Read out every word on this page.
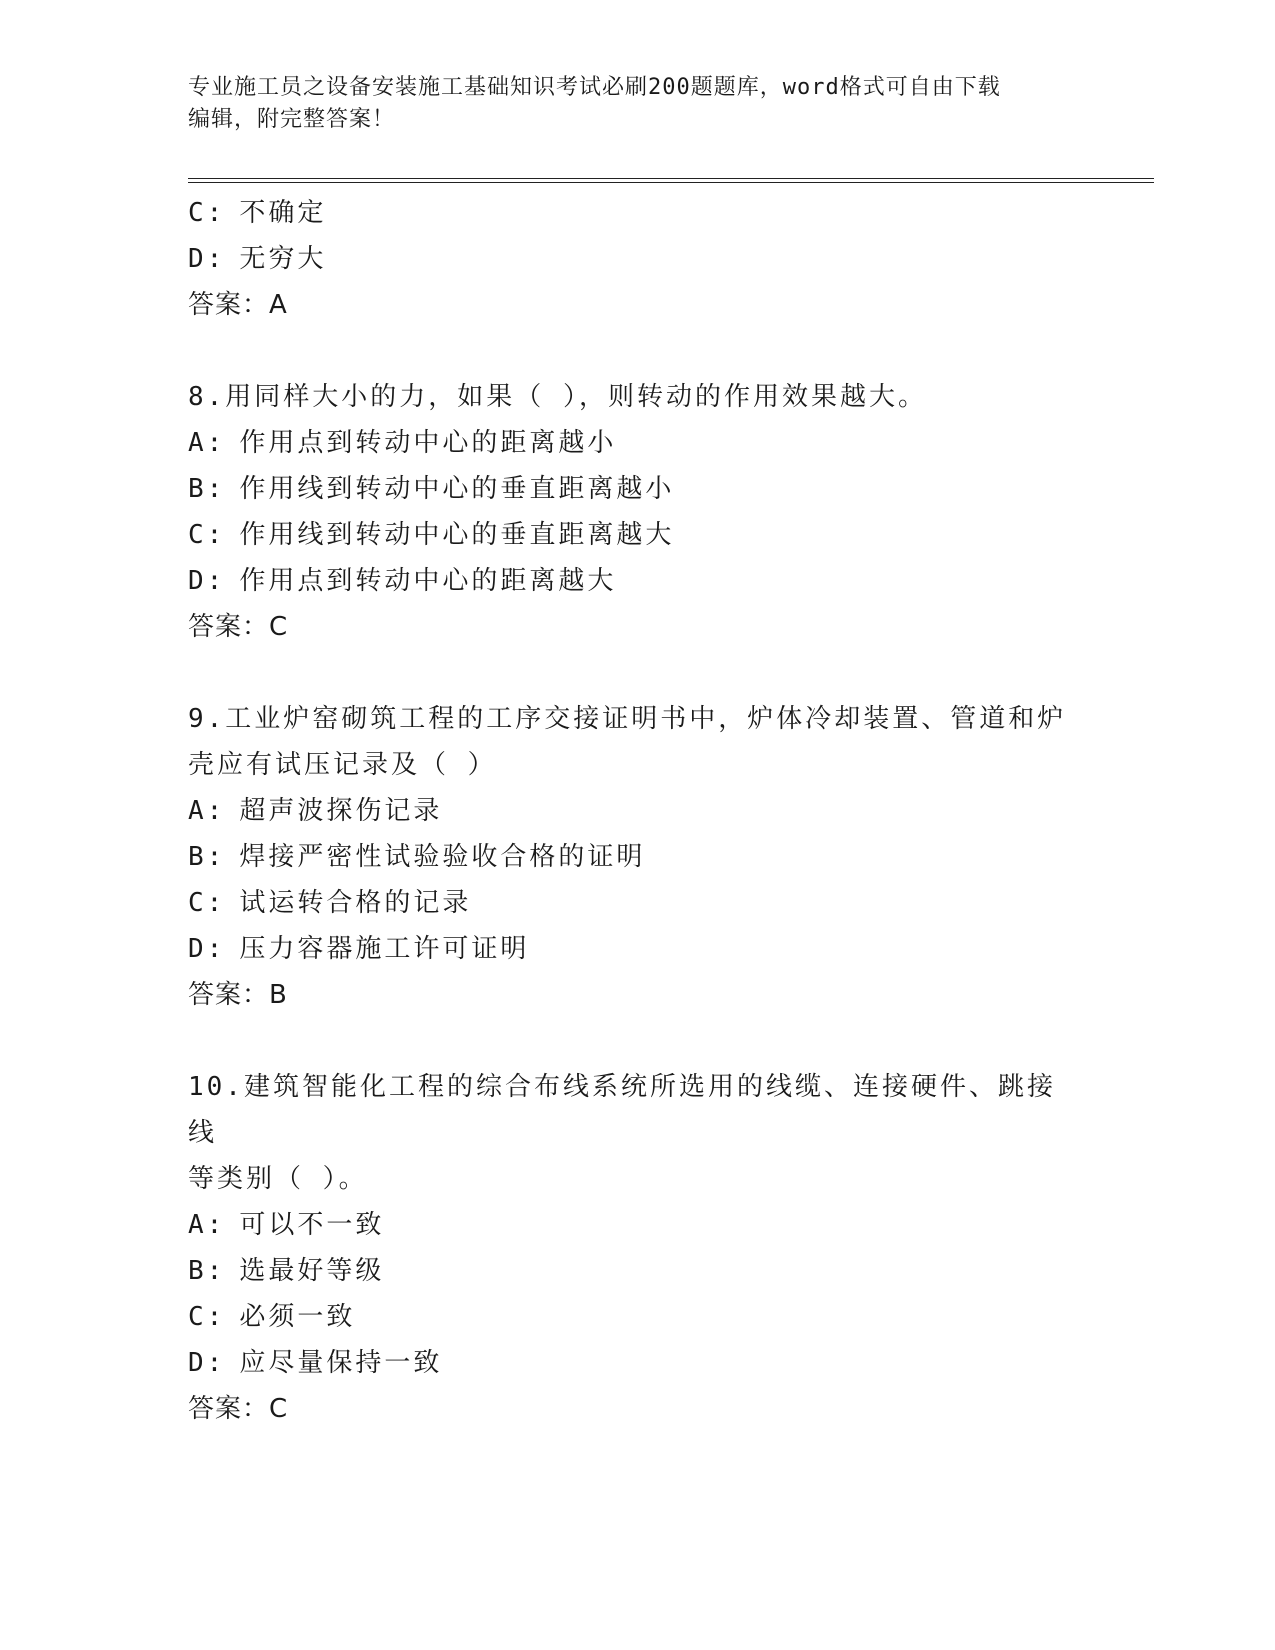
专业施工员之设备安装施工基础知识考试必刷200题题库，word格式可自由下载
编辑，附完整答案！
C: 不确定
D: 无穷大
答案：A
8.用同样大小的力，如果（ ），则转动的作用效果越大。
A: 作用点到转动中心的距离越小
B: 作用线到转动中心的垂直距离越小
C: 作用线到转动中心的垂直距离越大
D: 作用点到转动中心的距离越大
答案：C
9.工业炉窑砌筑工程的工序交接证明书中，炉体冷却装置、管道和炉
壳应有试压记录及（ ）
A: 超声波探伤记录
B: 焊接严密性试验验收合格的证明
C: 试运转合格的记录
D: 压力容器施工许可证明
答案：B
10.建筑智能化工程的综合布线系统所选用的线缆、连接硬件、跳接线
等类别（ ）。
A: 可以不一致
B: 选最好等级
C: 必须一致
D: 应尽量保持一致
答案：C
